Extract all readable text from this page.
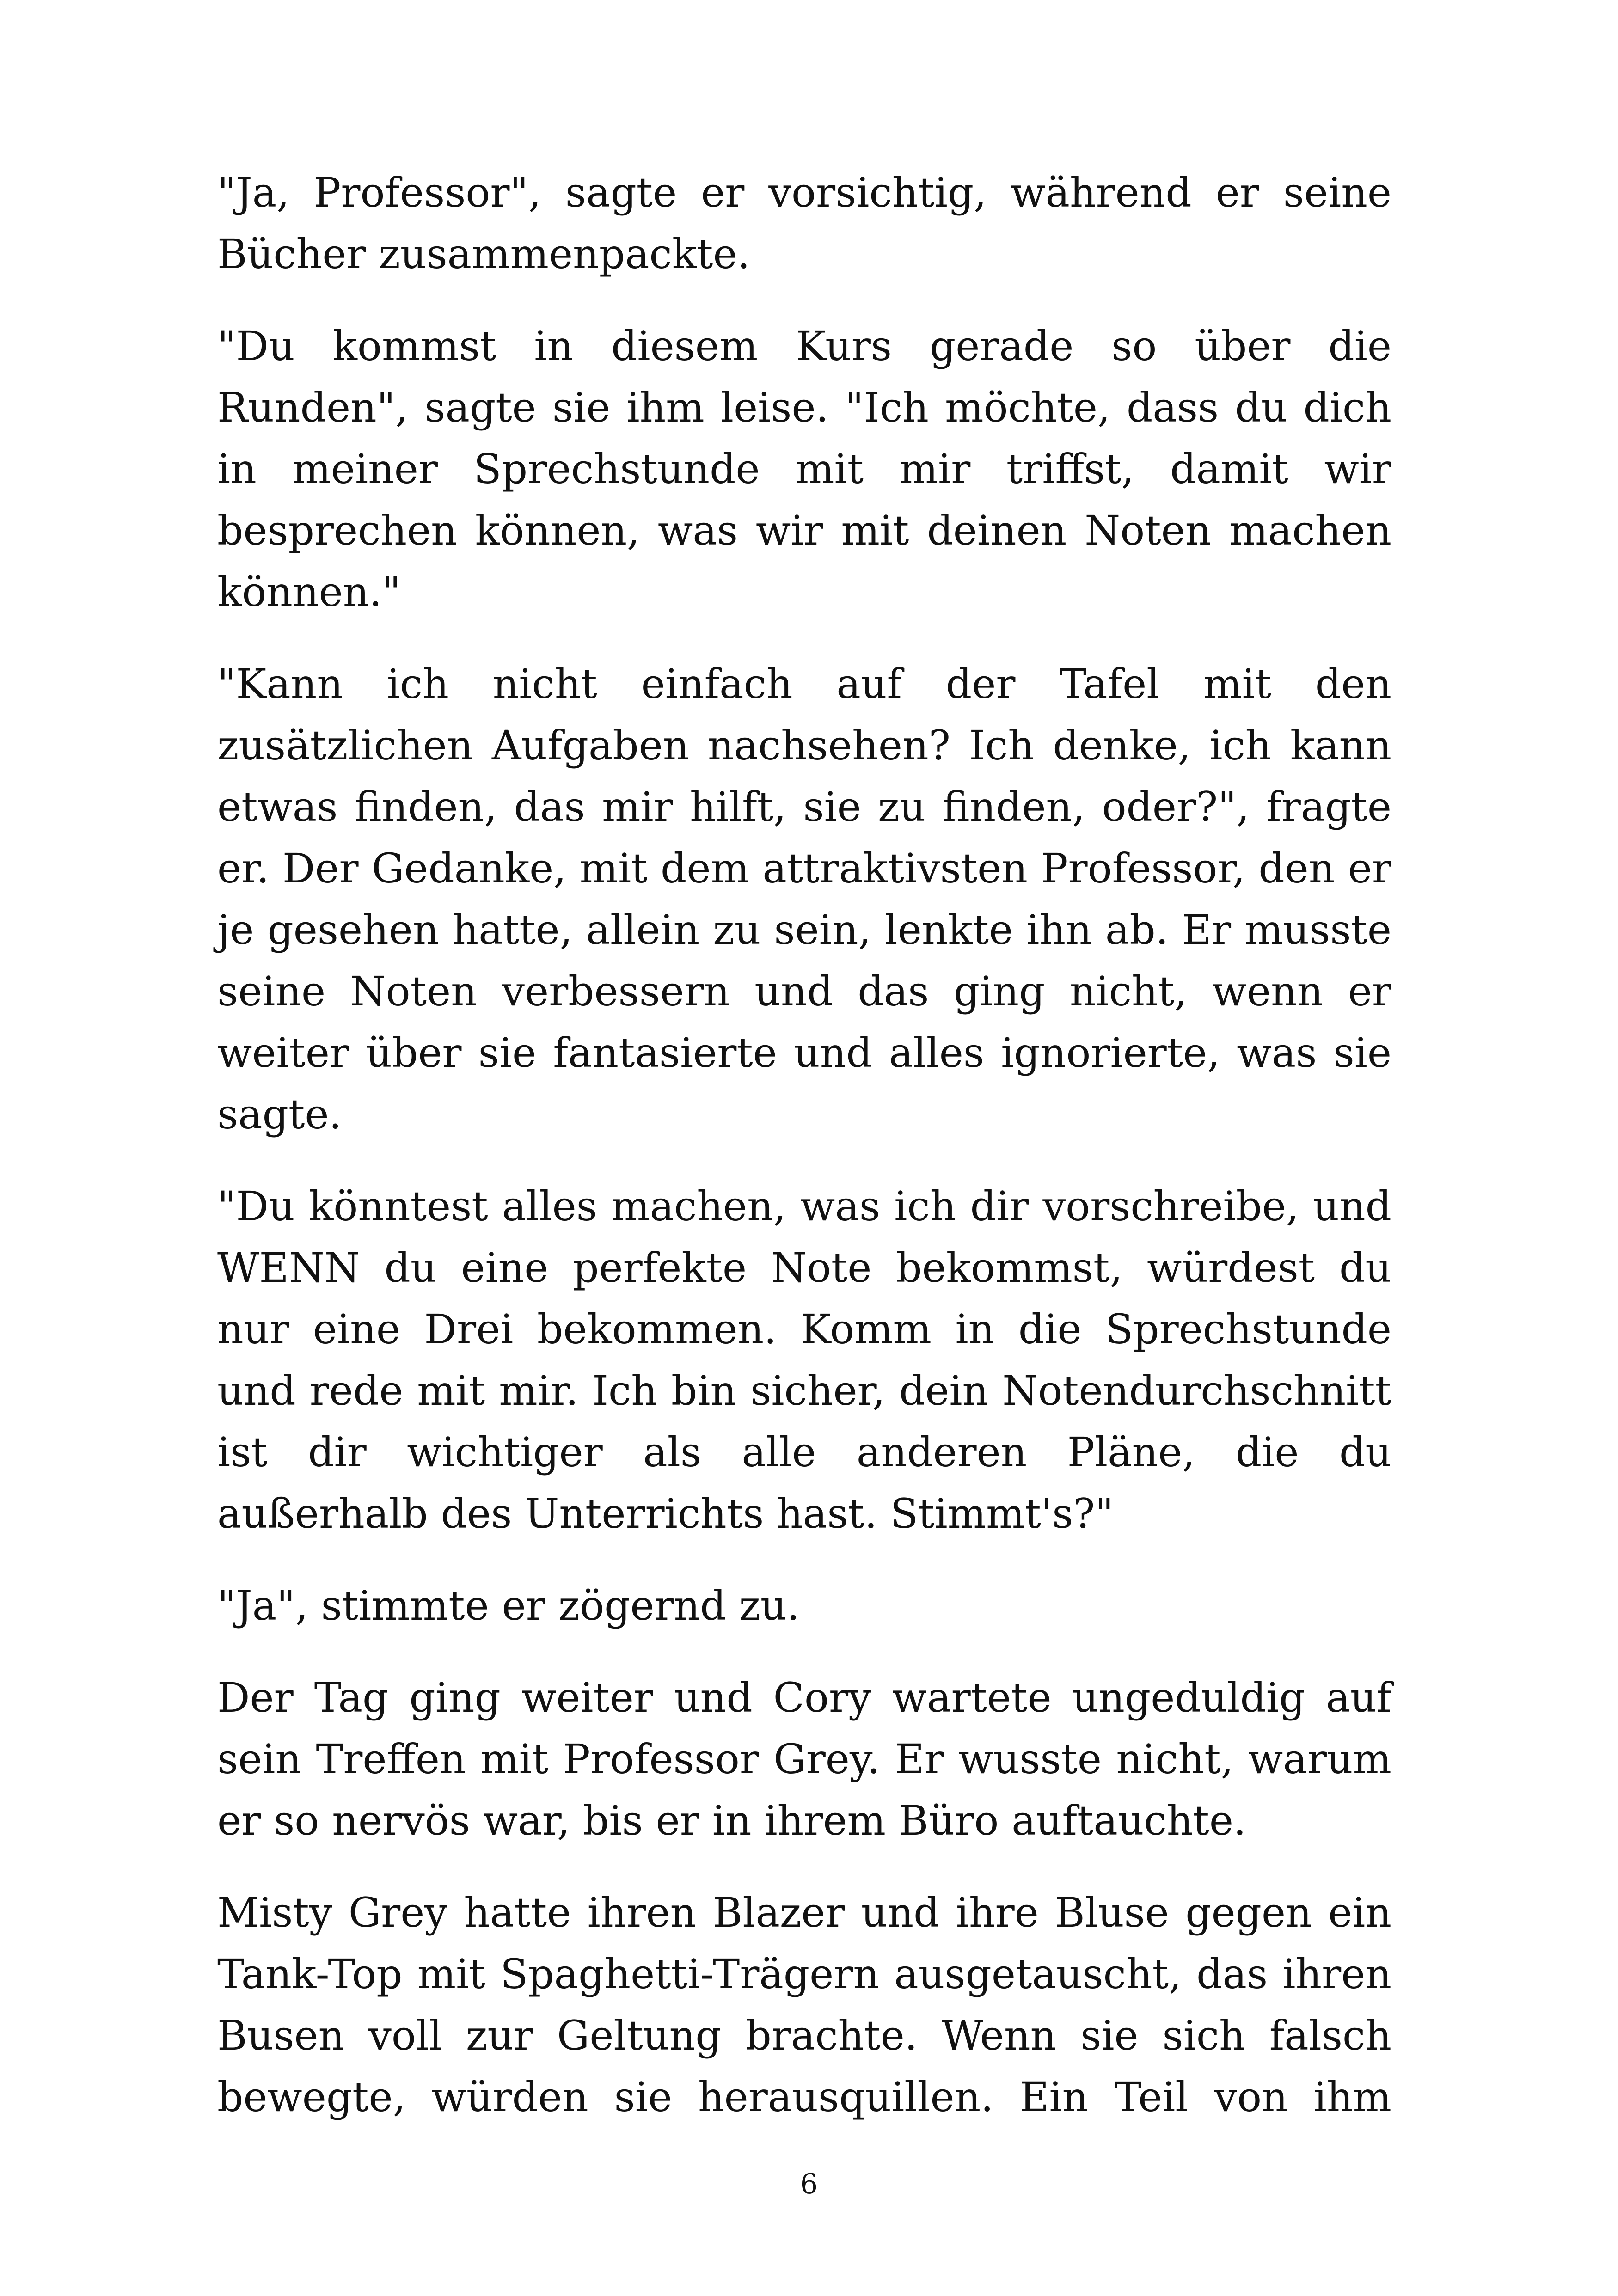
"Ja, Professor", sagte er vorsichtig, während er seine Bücher zusammenpackte.

"Du kommst in diesem Kurs gerade so über die Runden", sagte sie ihm leise. "Ich möchte, dass du dich in meiner Sprechstunde mit mir triffst, damit wir besprechen können, was wir mit deinen Noten machen können."

"Kann ich nicht einfach auf der Tafel mit den zusätzlichen Aufgaben nachsehen? Ich denke, ich kann etwas finden, das mir hilft, sie zu finden, oder?", fragte er. Der Gedanke, mit dem attraktivsten Professor, den er je gesehen hatte, allein zu sein, lenkte ihn ab. Er musste seine Noten verbessern und das ging nicht, wenn er weiter über sie fantasierte und alles ignorierte, was sie sagte.

"Du könntest alles machen, was ich dir vorschreibe, und WENN du eine perfekte Note bekommst, würdest du nur eine Drei bekommen. Komm in die Sprechstunde und rede mit mir. Ich bin sicher, dein Notendurchschnitt ist dir wichtiger als alle anderen Pläne, die du außerhalb des Unterrichts hast. Stimmt's?"

"Ja", stimmte er zögernd zu.

Der Tag ging weiter und Cory wartete ungeduldig auf sein Treffen mit Professor Grey. Er wusste nicht, warum er so nervös war, bis er in ihrem Büro auftauchte.

Misty Grey hatte ihren Blazer und ihre Bluse gegen ein Tank-Top mit Spaghetti-Trägern ausgetauscht, das ihren Busen voll zur Geltung brachte. Wenn sie sich falsch bewegte, würden sie herausquillen. Ein Teil von ihm

6
